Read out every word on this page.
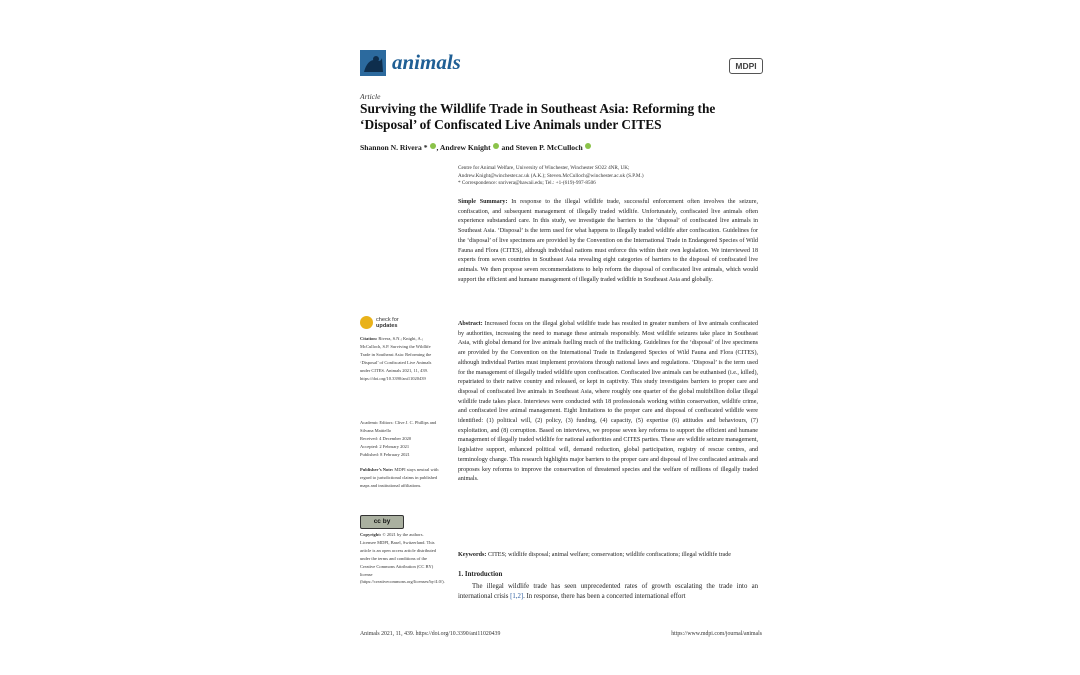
animals	MDPI
Article
Surviving the Wildlife Trade in Southeast Asia: Reforming the ‘Disposal’ of Confiscated Live Animals under CITES
Shannon N. Rivera * , Andrew Knight and Steven P. McCulloch
Centre for Animal Welfare, University of Winchester, Winchester SO22 4NR, UK;
Andrew.Knight@winchester.ac.uk (A.K.); Steven.McCulloch@winchester.ac.uk (S.P.M.)
* Correspondence: snrivera@hawaii.edu; Tel.: +1-(619)-997-8506
Simple Summary: In response to the illegal wildlife trade, successful enforcement often involves the seizure, confiscation, and subsequent management of illegally traded wildlife. Unfortunately, confiscated live animals often experience substandard care. In this study, we investigate the barriers to the ‘disposal’ of confiscated live animals in Southeast Asia. ‘Disposal’ is the term used for what happens to illegally traded wildlife after confiscation. Guidelines for the ‘disposal’ of live specimens are provided by the Convention on the International Trade in Endangered Species of Wild Fauna and Flora (CITES), although individual nations must enforce this within their own legislation. We interviewed 18 experts from seven countries in Southeast Asia revealing eight categories of barriers to the disposal of confiscated live animals. We then propose seven recommendations to help reform the disposal of confiscated live animals, which would support the efficient and humane management of illegally traded wildlife in Southeast Asia and globally.
Abstract: Increased focus on the illegal global wildlife trade has resulted in greater numbers of live animals confiscated by authorities, increasing the need to manage these animals responsibly. Most wildlife seizures take place in Southeast Asia, with global demand for live animals fuelling much of the trafficking. Guidelines for the ‘disposal’ of live specimens are provided by the Convention on the International Trade in Endangered Species of Wild Fauna and Flora (CITES), although individual Parties must implement provisions through national laws and regulations. ‘Disposal’ is the term used for the management of illegally traded wildlife upon confiscation. Confiscated live animals can be euthanised (i.e., killed), repatriated to their native country and released, or kept in captivity. This study investigates barriers to proper care and disposal of confiscated live animals in Southeast Asia, where roughly one quarter of the global multibillion dollar illegal wildlife trade takes place. Interviews were conducted with 18 professionals working within conservation, wildlife crime, and confiscated live animal management. Eight limitations to the proper care and disposal of confiscated wildlife were identified: (1) political will, (2) policy, (3) funding, (4) capacity, (5) expertise (6) attitudes and behaviours, (7) exploitation, and (8) corruption. Based on interviews, we propose seven key reforms to support the efficient and humane management of illegally traded wildlife for national authorities and CITES parties. These are wildlife seizure management, legislative support, enhanced political will, demand reduction, global participation, registry of rescue centres, and terminology change. This research highlights major barriers to the proper care and disposal of live confiscated animals and proposes key reforms to improve the conservation of threatened species and the welfare of millions of illegally traded animals.
Keywords: CITES; wildlife disposal; animal welfare; conservation; wildlife confiscations; illegal wildlife trade
check for
updates
Citation: Rivera, S.N.; Knight, A.; McCulloch, S.P. Surviving the Wildlife Trade in Southeast Asia: Reforming the ‘Disposal’ of Confiscated Live Animals under CITES. Animals 2021, 11, 439. https://doi.org/10.3390/ani11020439
Academic Editors: Clive J. C. Phillips and Silvana Mattiello
Received: 4 December 2020
Accepted: 2 February 2021
Published: 8 February 2021
Publisher’s Note: MDPI stays neutral with regard to jurisdictional claims in published maps and institutional affiliations.
cc by
Copyright: © 2021 by the authors. Licensee MDPI, Basel, Switzerland. This article is an open access article distributed under the terms and conditions of the Creative Commons Attribution (CC BY) license (https://creativecommons.org/licenses/by/4.0/).
1. Introduction
The illegal wildlife trade has seen unprecedented rates of growth escalating the trade into an international crisis [1,2]. In response, there has been a concerted international effort
Animals 2021, 11, 439. https://doi.org/10.3390/ani11020439	https://www.mdpi.com/journal/animals
